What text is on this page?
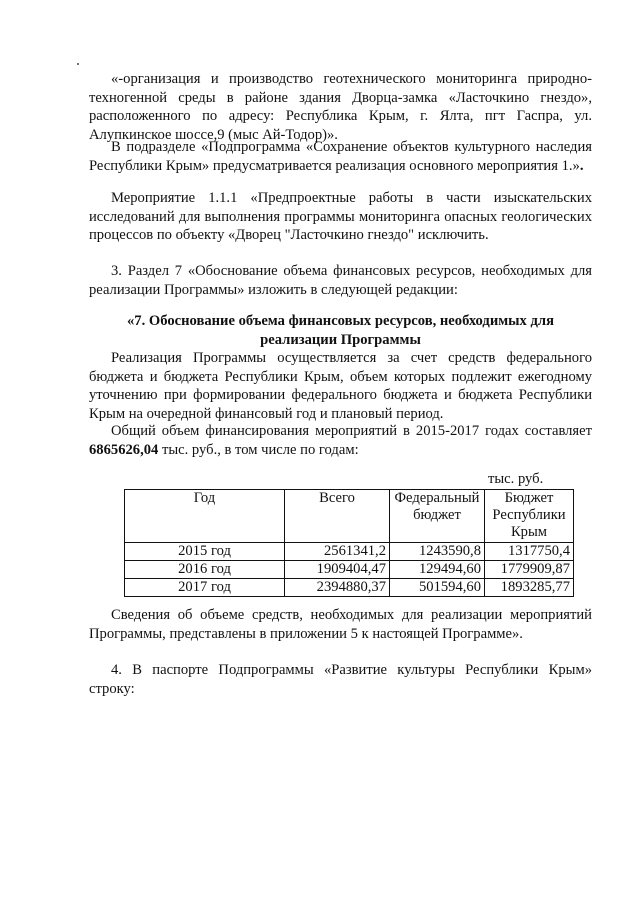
«-организация и производство геотехнического мониторинга природно-техногенной среды в районе здания Дворца-замка «Ласточкино гнездо», расположенного по адресу: Республика Крым, г. Ялта, пгт Гаспра, ул. Алупкинское шоссе,9 (мыс Ай-Тодор)».

В подразделе «Подпрограмма «Сохранение объектов культурного наследия Республики Крым» предусматривается реализация основного мероприятия 1.».

Мероприятие 1.1.1 «Предпроектные работы в части изыскательских исследований для выполнения программы мониторинга опасных геологических процессов по объекту «Дворец "Ласточкино гнездо" исключить.

3. Раздел 7 «Обоснование объема финансовых ресурсов, необходимых для реализации Программы» изложить в следующей редакции:

«7. Обоснование объема финансовых ресурсов, необходимых для реализации Программы

Реализация Программы осуществляется за счет средств федерального бюджета и бюджета Республики Крым, объем которых подлежит ежегодному уточнению при формировании федерального бюджета и бюджета Республики Крым на очередной финансовый год и плановый период.

Общий объем финансирования мероприятий в 2015-2017 годах составляет 6865626,04 тыс. руб., в том числе по годам:

тыс. руб.
Год	Всего	Федеральный бюджет	Бюджет Республики Крым
2015 год	2561341,2	1243590,8	1317750,4
2016 год	1909404,47	129494,60	1779909,87
2017 год	2394880,37	501594,60	1893285,77

Сведения об объеме средств, необходимых для реализации мероприятий Программы, представлены в приложении 5 к настоящей Программе».

4. В паспорте Подпрограммы «Развитие культуры Республики Крым» строку:
